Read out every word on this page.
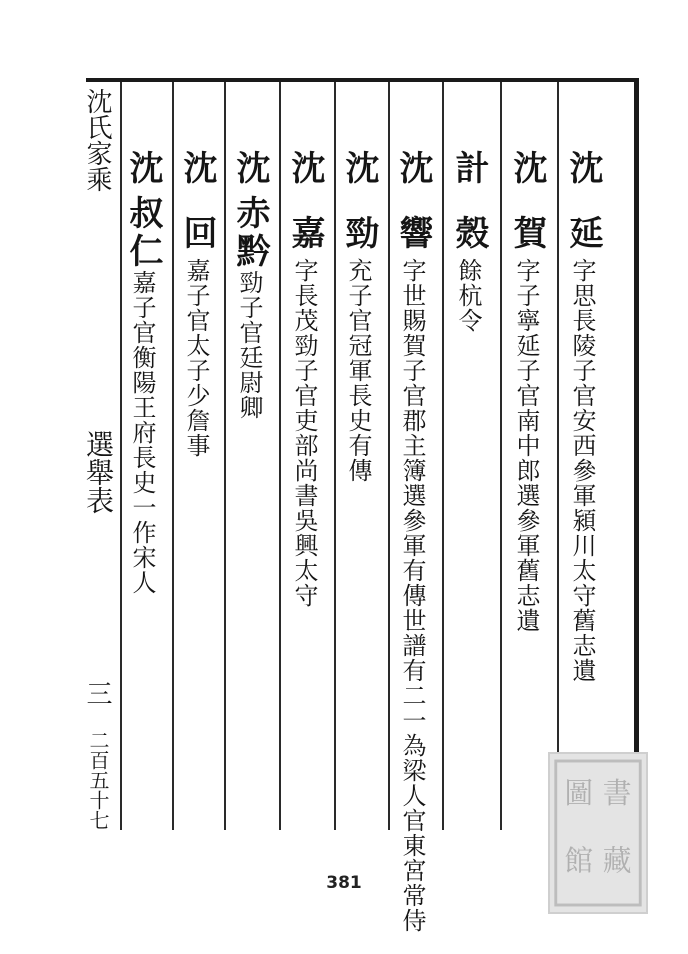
沈氏家乘
選舉表
三
二百五十七
沈
延
字思長陵子官安西參軍潁川太守舊志遺
沈
賀
字子寧延子官南中郎選參軍舊志遺
計
㷤
餘杭令
沈
響
字世賜賀子官郡主簿選參軍有傳世譜有二一為梁人官東宮常侍
沈
勁
充子官冠軍長史有傳
沈
嘉
字長茂勁子官吏部尚書吳興太守
沈
赤黔
勁子官廷尉卿
沈
回
嘉子官太子少詹事
沈
叔仁
嘉子官衡陽王府長史一作宋人
381
圖 書
館 藏
